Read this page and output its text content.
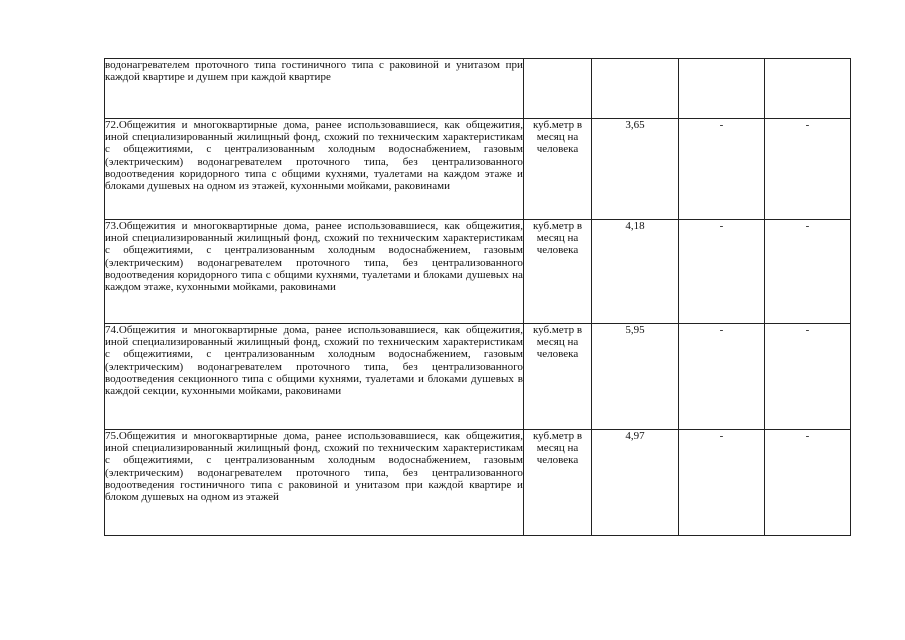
водонагревателем проточного типа гостиничного типа с раковиной и унитазом при каждой квартире и душем при каждой квартире				
72.Общежития и многоквартирные дома, ранее использовавшиеся, как общежития, иной специализированный жилищный фонд, схожий по техническим характеристикам с общежитиями, с централизованным холодным водоснабжением, газовым (электрическим) водонагревателем проточного типа, без централизованного водоотведения коридорного типа с общими кухнями, туалетами на каждом этаже и блоками душевых на одном из этажей, кухонными мойками, раковинами	куб.метр в месяц на человека	3,65	-	-
73.Общежития и многоквартирные дома, ранее использовавшиеся, как общежития, иной специализированный жилищный фонд, схожий по техническим характеристикам с общежитиями, с централизованным холодным водоснабжением, газовым (электрическим) водонагревателем проточного типа, без централизованного водоотведения коридорного типа с общими кухнями, туалетами и блоками душевых на каждом этаже, кухонными мойками, раковинами	куб.метр в месяц на человека	4,18	-	-
74.Общежития и многоквартирные дома, ранее использовавшиеся, как общежития, иной специализированный жилищный фонд, схожий по техническим характеристикам с общежитиями, с централизованным холодным водоснабжением, газовым (электрическим) водонагревателем проточного типа, без централизованного водоотведения секционного типа с общими кухнями, туалетами и блоками душевых в каждой секции, кухонными мойками, раковинами	куб.метр в месяц на человека	5,95	-	-
75.Общежития и многоквартирные дома, ранее использовавшиеся, как общежития, иной специализированный жилищный фонд, схожий по техническим характеристикам с общежитиями, с централизованным холодным водоснабжением, газовым (электрическим) водонагревателем проточного типа, без централизованного водоотведения гостиничного типа с раковиной и унитазом при каждой квартире и блоком душевых на одном из этажей	куб.метр в месяц на человека	4,97	-	-
